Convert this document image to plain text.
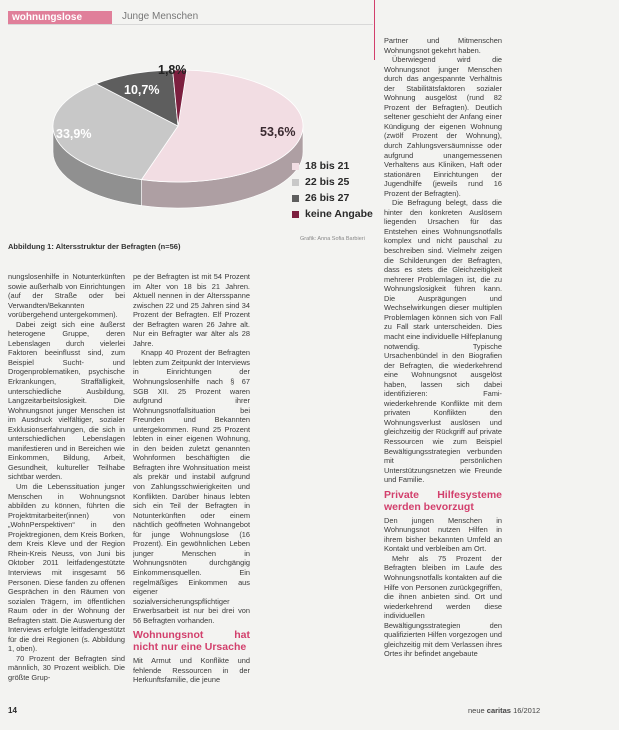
wohnungslose	Junge Menschen
53,6%
33,9%
10,7%
1,8%
18 bis 21
22 bis 25
26 bis 27
keine Angabe
Grafik: Anna Sofia Barbieri
Abbildung 1: Altersstruktur der Befragten (n=56)

nungslosenhilfe in Notunterkünften sowie außerhalb von Einrichtungen (auf der Straße oder bei Verwandten/Bekannten vorübergehend untergekommen).

Dabei zeigt sich eine äußerst heterogene Gruppe, deren Lebenslagen durch vielerlei Faktoren beeinflusst sind, zum Beispiel Sucht- und Drogenproblematiken, psychische Erkrankungen, Straffälligkeit, unterschiedliche Ausbildung, Langzeitarbeitslosigkeit. Die Wohnungsnot junger Menschen ist im Ausdruck vielfältiger, sozialer Exklusionserfahrungen, die sich in unterschiedlichen Lebenslagen manifestieren und in Bereichen wie Einkommen, Bildung, Arbeit, Gesundheit, kultureller Teilhabe sichtbar werden.

Um die Lebenssituation junger Menschen in Wohnungsnot abbilden zu können, führten die Projektmitarbeiter(innen) von „WohnPerspektiven“ in den Projektregionen, dem Kreis Borken, dem Kreis Kleve und der Region Rhein-Kreis Neuss, von Juni bis Oktober 2011 leitfadengestützte Interviews mit insgesamt 56 Personen. Diese fanden zu offenen Gesprächen in den Räumen von sozialen Trägern, im öffentlichen Raum oder in der Wohnung der Befragten statt. Die Auswertung der Interviews erfolgte leitfadengestützt für die drei Regionen (s. Abbildung 1, oben).

70 Prozent der Befragten sind männlich, 30 Prozent weiblich. Die größte Grup-

pe der Befragten ist mit 54 Prozent im Alter von 18 bis 21 Jahren. Aktuell nennen in der Altersspanne zwischen 22 und 25 Jahren sind 34 Prozent der Befragten. Elf Prozent der Befragten waren 26 Jahre alt. Nur ein Befragter war älter als 28 Jahre.

Knapp 40 Prozent der Befragten lebten zum Zeitpunkt der Interviews in Einrichtungen der Wohnungslosenhilfe nach § 67 SGB XII. 25 Prozent waren aufgrund ihrer Wohnungsnotfallsituation bei Freunden und Bekannten untergekommen. Rund 25 Prozent lebten in einer eigenen Wohnung, in den beiden zuletzt genannten Wohnformen beschäftigten die Befragten ihre Wohnsituation meist als prekär und instabil aufgrund von Zahlungsschwierigkeiten und Konflikten. Darüber hinaus lebten sich ein Teil der Befragten in Notunterkünften oder einem nächtlich geöffneten Wohnangebot für junge Wohnungslose (16 Prozent). Ein gewöhnlichen Leben junger Menschen in Wohnungsnöten durchgängig Einkommensquellen. Ein regelmäßiges Einkommen aus eigener sozialversicherungspflichtiger Erwerbsarbeit ist nur bei drei von 56 Befragten vorhanden.

Wohnungsnot hat nicht nur eine Ursache

Mit Armut und Konflikte und fehlende Ressourcen in der Herkunftsfamilie, die jeune

Partner und Mitmenschen Wohnungsnot gekehrt haben.

Überwiegend wird die Wohnungsnot junger Menschen durch das angespannte Verhältnis der Stabilitätsfaktoren sozialer Wohnung ausgelöst (rund 82 Prozent der Befragten). Deutlich seltener geschieht der Anfang einer Kündigung der eigenen Wohnung (zwölf Prozent der Wohnung), durch Zahlungsversäumnisse oder aufgrund unangemessenen Verhaltens aus Kliniken, Haft oder stationären Einrichtungen der Jugendhilfe (jeweils rund 16 Prozent der Befragten).

Die Befragung belegt, dass die hinter den konkreten Auslösern liegenden Ursachen für das Entstehen eines Wohnungsnotfalls komplex und nicht pauschal zu beschreiben sind. Vielmehr zeigen die Schilderungen der Befragten, dass es stets die Gleichzeitigkeit mehrerer Problemlagen ist, die zu Wohnungslosigkeit führen kann. Die Ausprägungen und Wechselwirkungen dieser multiplen Problemlagen können sich von Fall zu Fall stark unterscheiden. Dies macht eine individuelle Hilfeplanung notwendig. Typische Ursachenbündel in den Biografien der Befragten, die wiederkehrend eine Wohnungsnot ausgelöst haben, lassen sich dabei identifizieren: Fami- wiederkehrende Konflikte mit dem privaten Konflikten den Wohnungsverlust auslösen und gleichzeitig der Rückgriff auf private Ressourcen wie zum Beispiel Bewältigungsstrategien verbunden mit persönlichen Unterstützungsnetzen wie Freunde und Familie.

Private Hilfesysteme werden bevorzugt

Den jungen Menschen in Wohnungsnot nutzen Hilfen in ihrem bisher bekannten Umfeld an Kontakt und verbleiben am Ort.

Mehr als 75 Prozent der Befragten bleiben im Laufe des Wohnungsnotfalls kontakten auf die Hilfe von Personen zurückgegriffen, die ihnen anbieten sind. Ort und wiederkehrend werden diese individuellen Bewältigungsstrategien den qualifizierten Hilfen vorgezogen und gleichzeitig mit dem Verlassen ihres Ortes ihr befindet angebaute

14	neue caritas 16/2012
